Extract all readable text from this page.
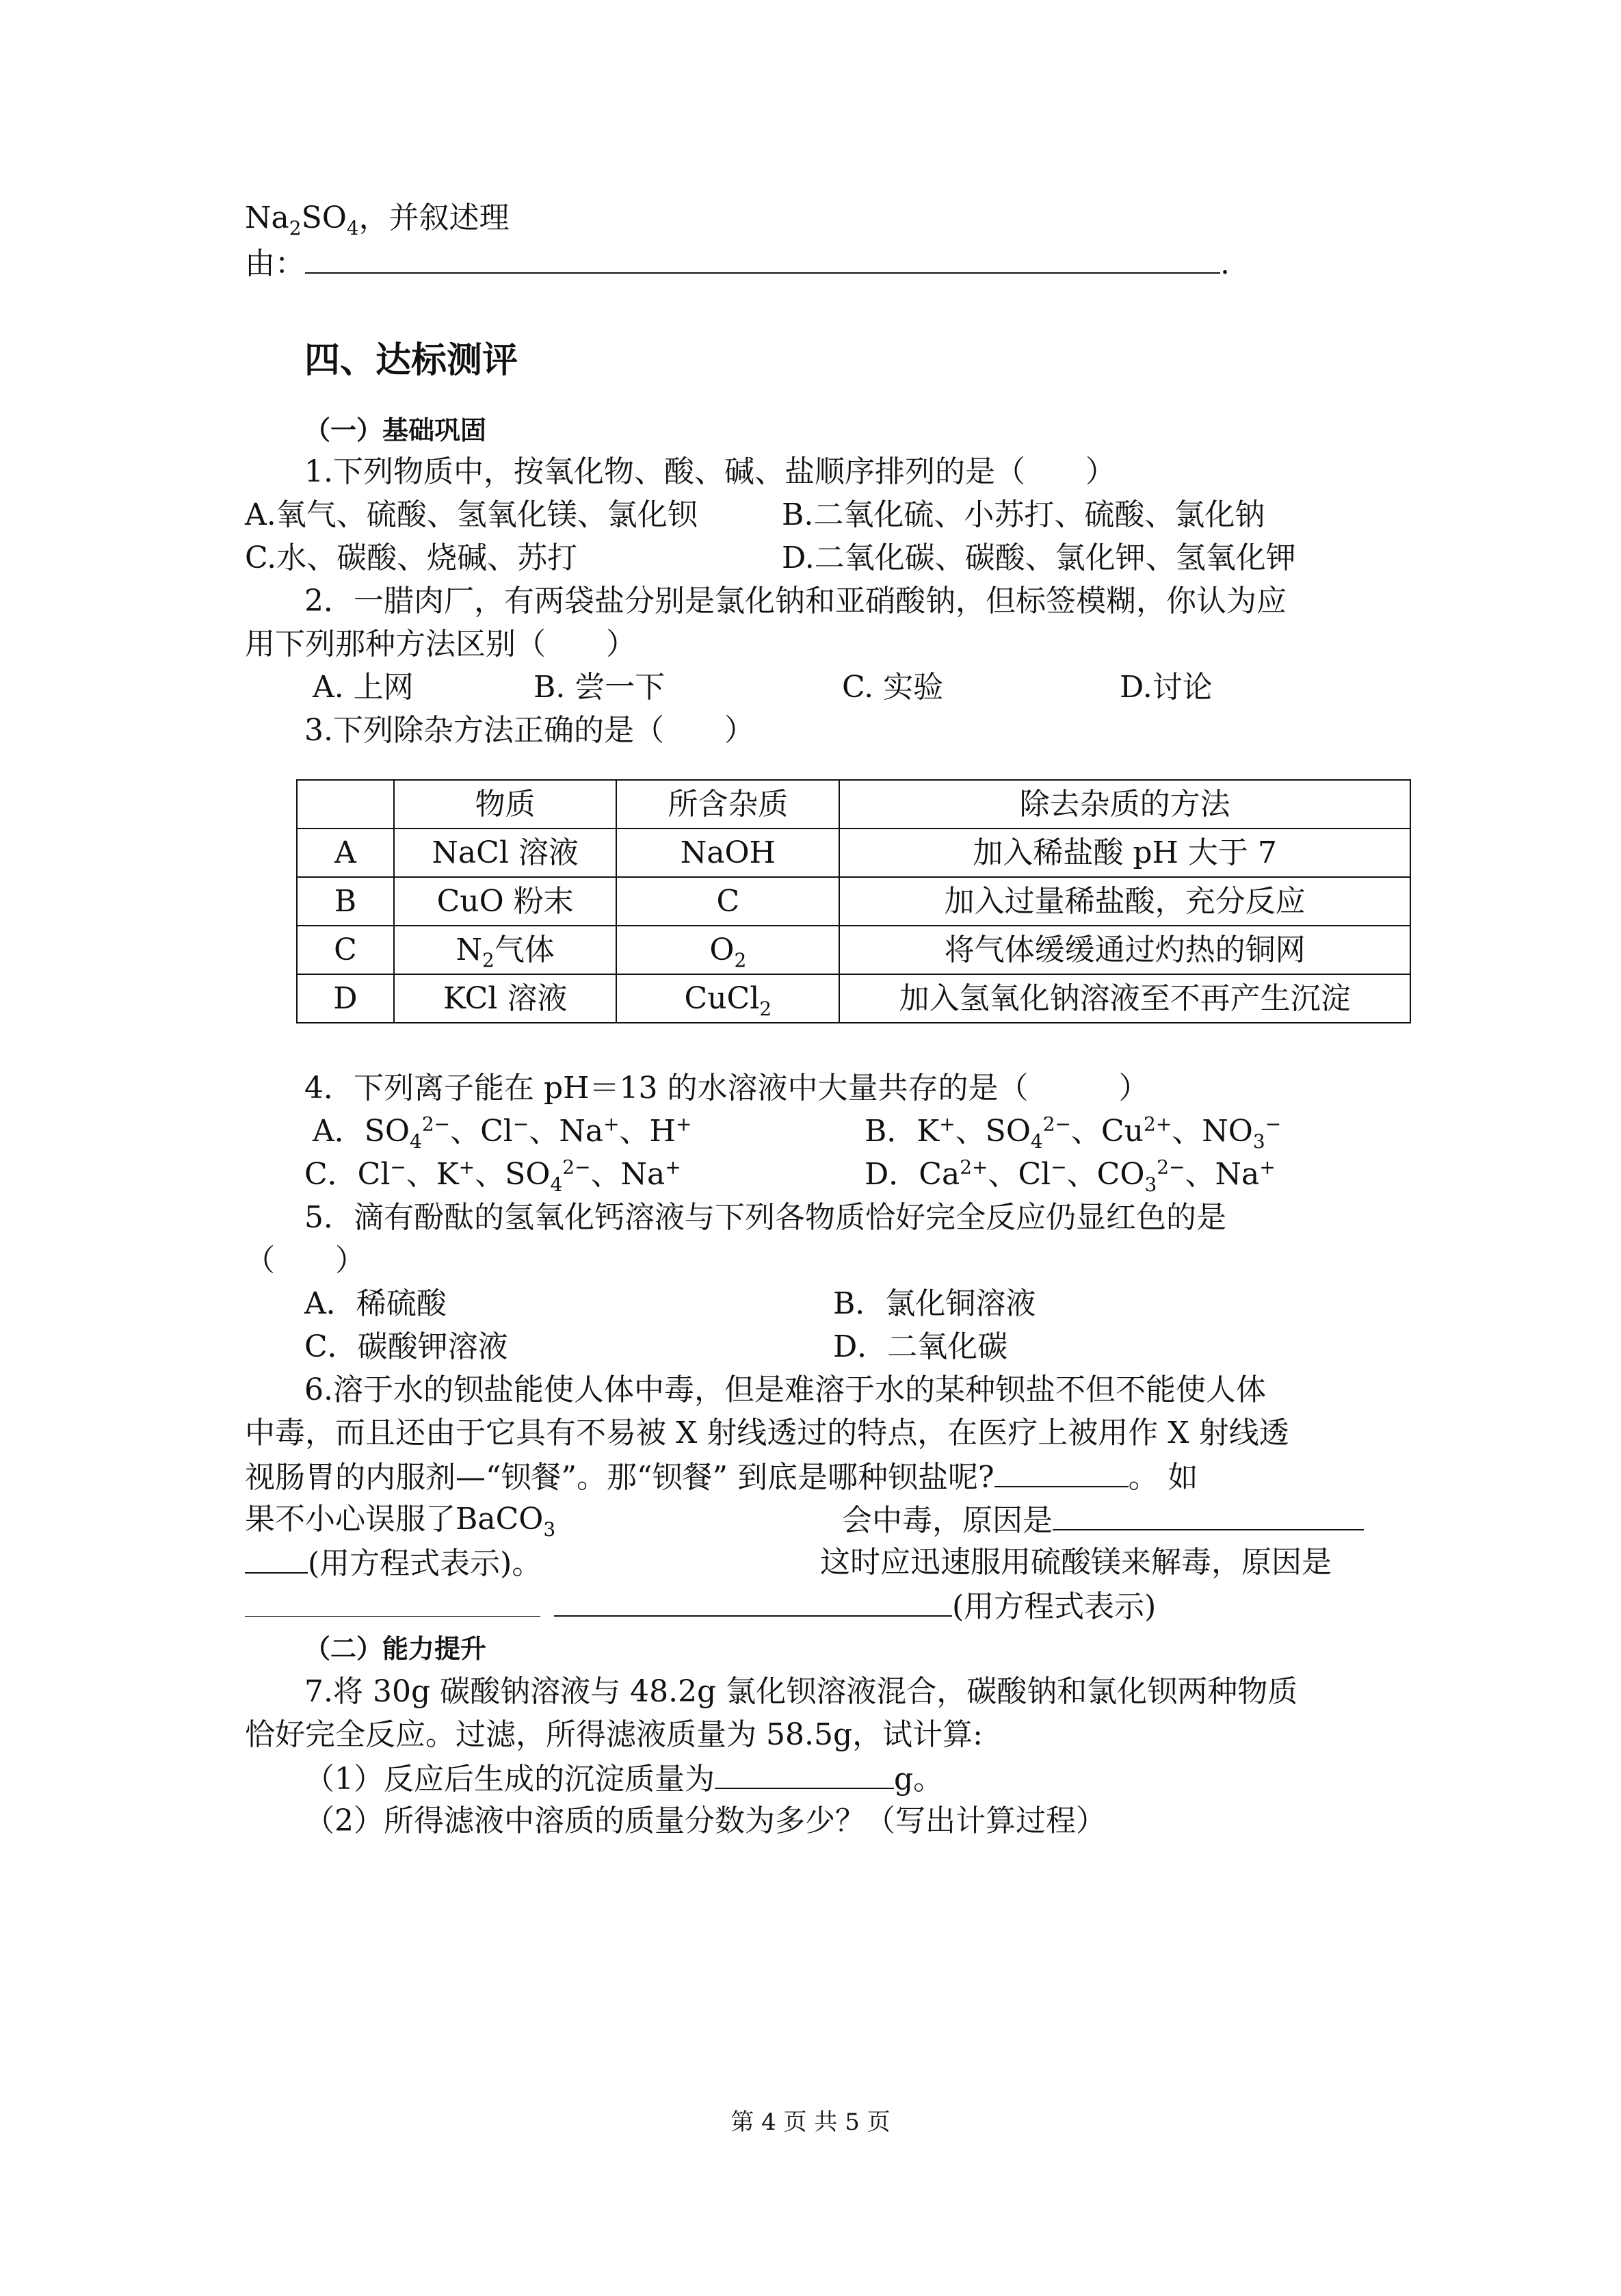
$Na_2SO_4$，并叙述理
由：	.
四、达标测评
（一）基础巩固
1.下列物质中，按氧化物、酸、碱、盐顺序排列的是（　　）
A.氧气、硫酸、氢氧化镁、氯化钡	B.二氧化硫、小苏打、硫酸、氯化钠
C.水、碳酸、烧碱、苏打	D.二氧化碳、碳酸、氯化钾、氢氧化钾
2．一腊肉厂，有两袋盐分别是氯化钠和亚硝酸钠，但标签模糊，你认为应
用下列那种方法区别（　　）
A. 上网	B. 尝一下	C. 实验	D.讨论
3.下列除杂方法正确的是（　　）
	物质	所含杂质	除去杂质的方法
A	NaCl 溶液	NaOH	加入稀盐酸 pH 大于 7
B	CuO 粉末	C	加入过量稀盐酸，充分反应
C	$N_2$气体	$O_2$	将气体缓缓通过灼热的铜网
D	KCl 溶液	CuCl$_2$	加入氢氧化钠溶液至不再产生沉淀
4．下列离子能在 pH＝13 的水溶液中大量共存的是（　　　）
A．$SO_4^{2-}$、Cl−、Na+、H+	B．K+、$SO_4^{2-}$、$Cu^{2+}$、$NO_3^-$
C．Cl−、K+、$SO_4^{2-}$、Na+	D．$Ca^{2+}$、Cl−、$CO_3^{2-}$、Na+
5．滴有酚酞的氢氧化钙溶液与下列各物质恰好完全反应仍显红色的是
（　　）
A．稀硫酸	B．氯化铜溶液
C．碳酸钾溶液	D．二氧化碳
6.溶于水的钡盐能使人体中毒，但是难溶于水的某种钡盐不但不能使人体
中毒，而且还由于它具有不易被 X 射线透过的特点，在医疗上被用作 X 射线透
视肠胃的内服剂—“钡餐”。那“钡餐” 到底是哪种钡盐呢?	。 如
果不小心误服了BaCO$_3$	会中毒，原因是
(用方程式表示)。	这时应迅速服用硫酸镁来解毒，原因是
(用方程式表示)
（二）能力提升
7.将 30g 碳酸钠溶液与 48.2g 氯化钡溶液混合，碳酸钠和氯化钡两种物质
恰好完全反应。过滤，所得滤液质量为 58.5g，试计算:
（1）反应后生成的沉淀质量为	g。
（2）所得滤液中溶质的质量分数为多少？（写出计算过程）
第 4 页 共 5 页
